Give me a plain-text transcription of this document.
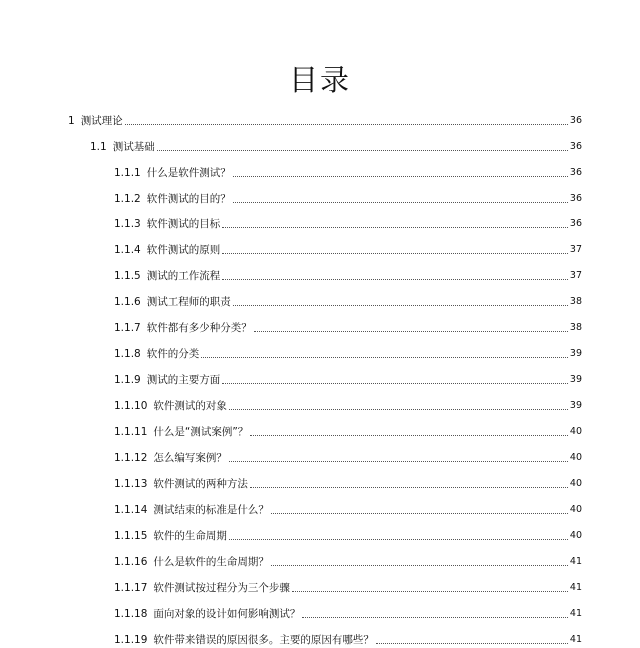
目录
1 测试理论	36
1.1 测试基础	36
1.1.1 什么是软件测试？	36
1.1.2 软件测试的目的？	36
1.1.3 软件测试的目标	36
1.1.4 软件测试的原则	37
1.1.5 测试的工作流程	37
1.1.6 测试工程师的职责	38
1.1.7 软件都有多少种分类？	38
1.1.8 软件的分类	39
1.1.9 测试的主要方面	39
1.1.10 软件测试的对象	39
1.1.11 什么是“测试案例”？	40
1.1.12 怎么编写案例？	40
1.1.13 软件测试的两种方法	40
1.1.14 测试结束的标准是什么？	40
1.1.15 软件的生命周期	40
1.1.16 什么是软件的生命周期？	41
1.1.17 软件测试按过程分为三个步骤	41
1.1.18 面向对象的设计如何影响测试？	41
1.1.19 软件带来错误的原因很多。主要的原因有哪些？	41
